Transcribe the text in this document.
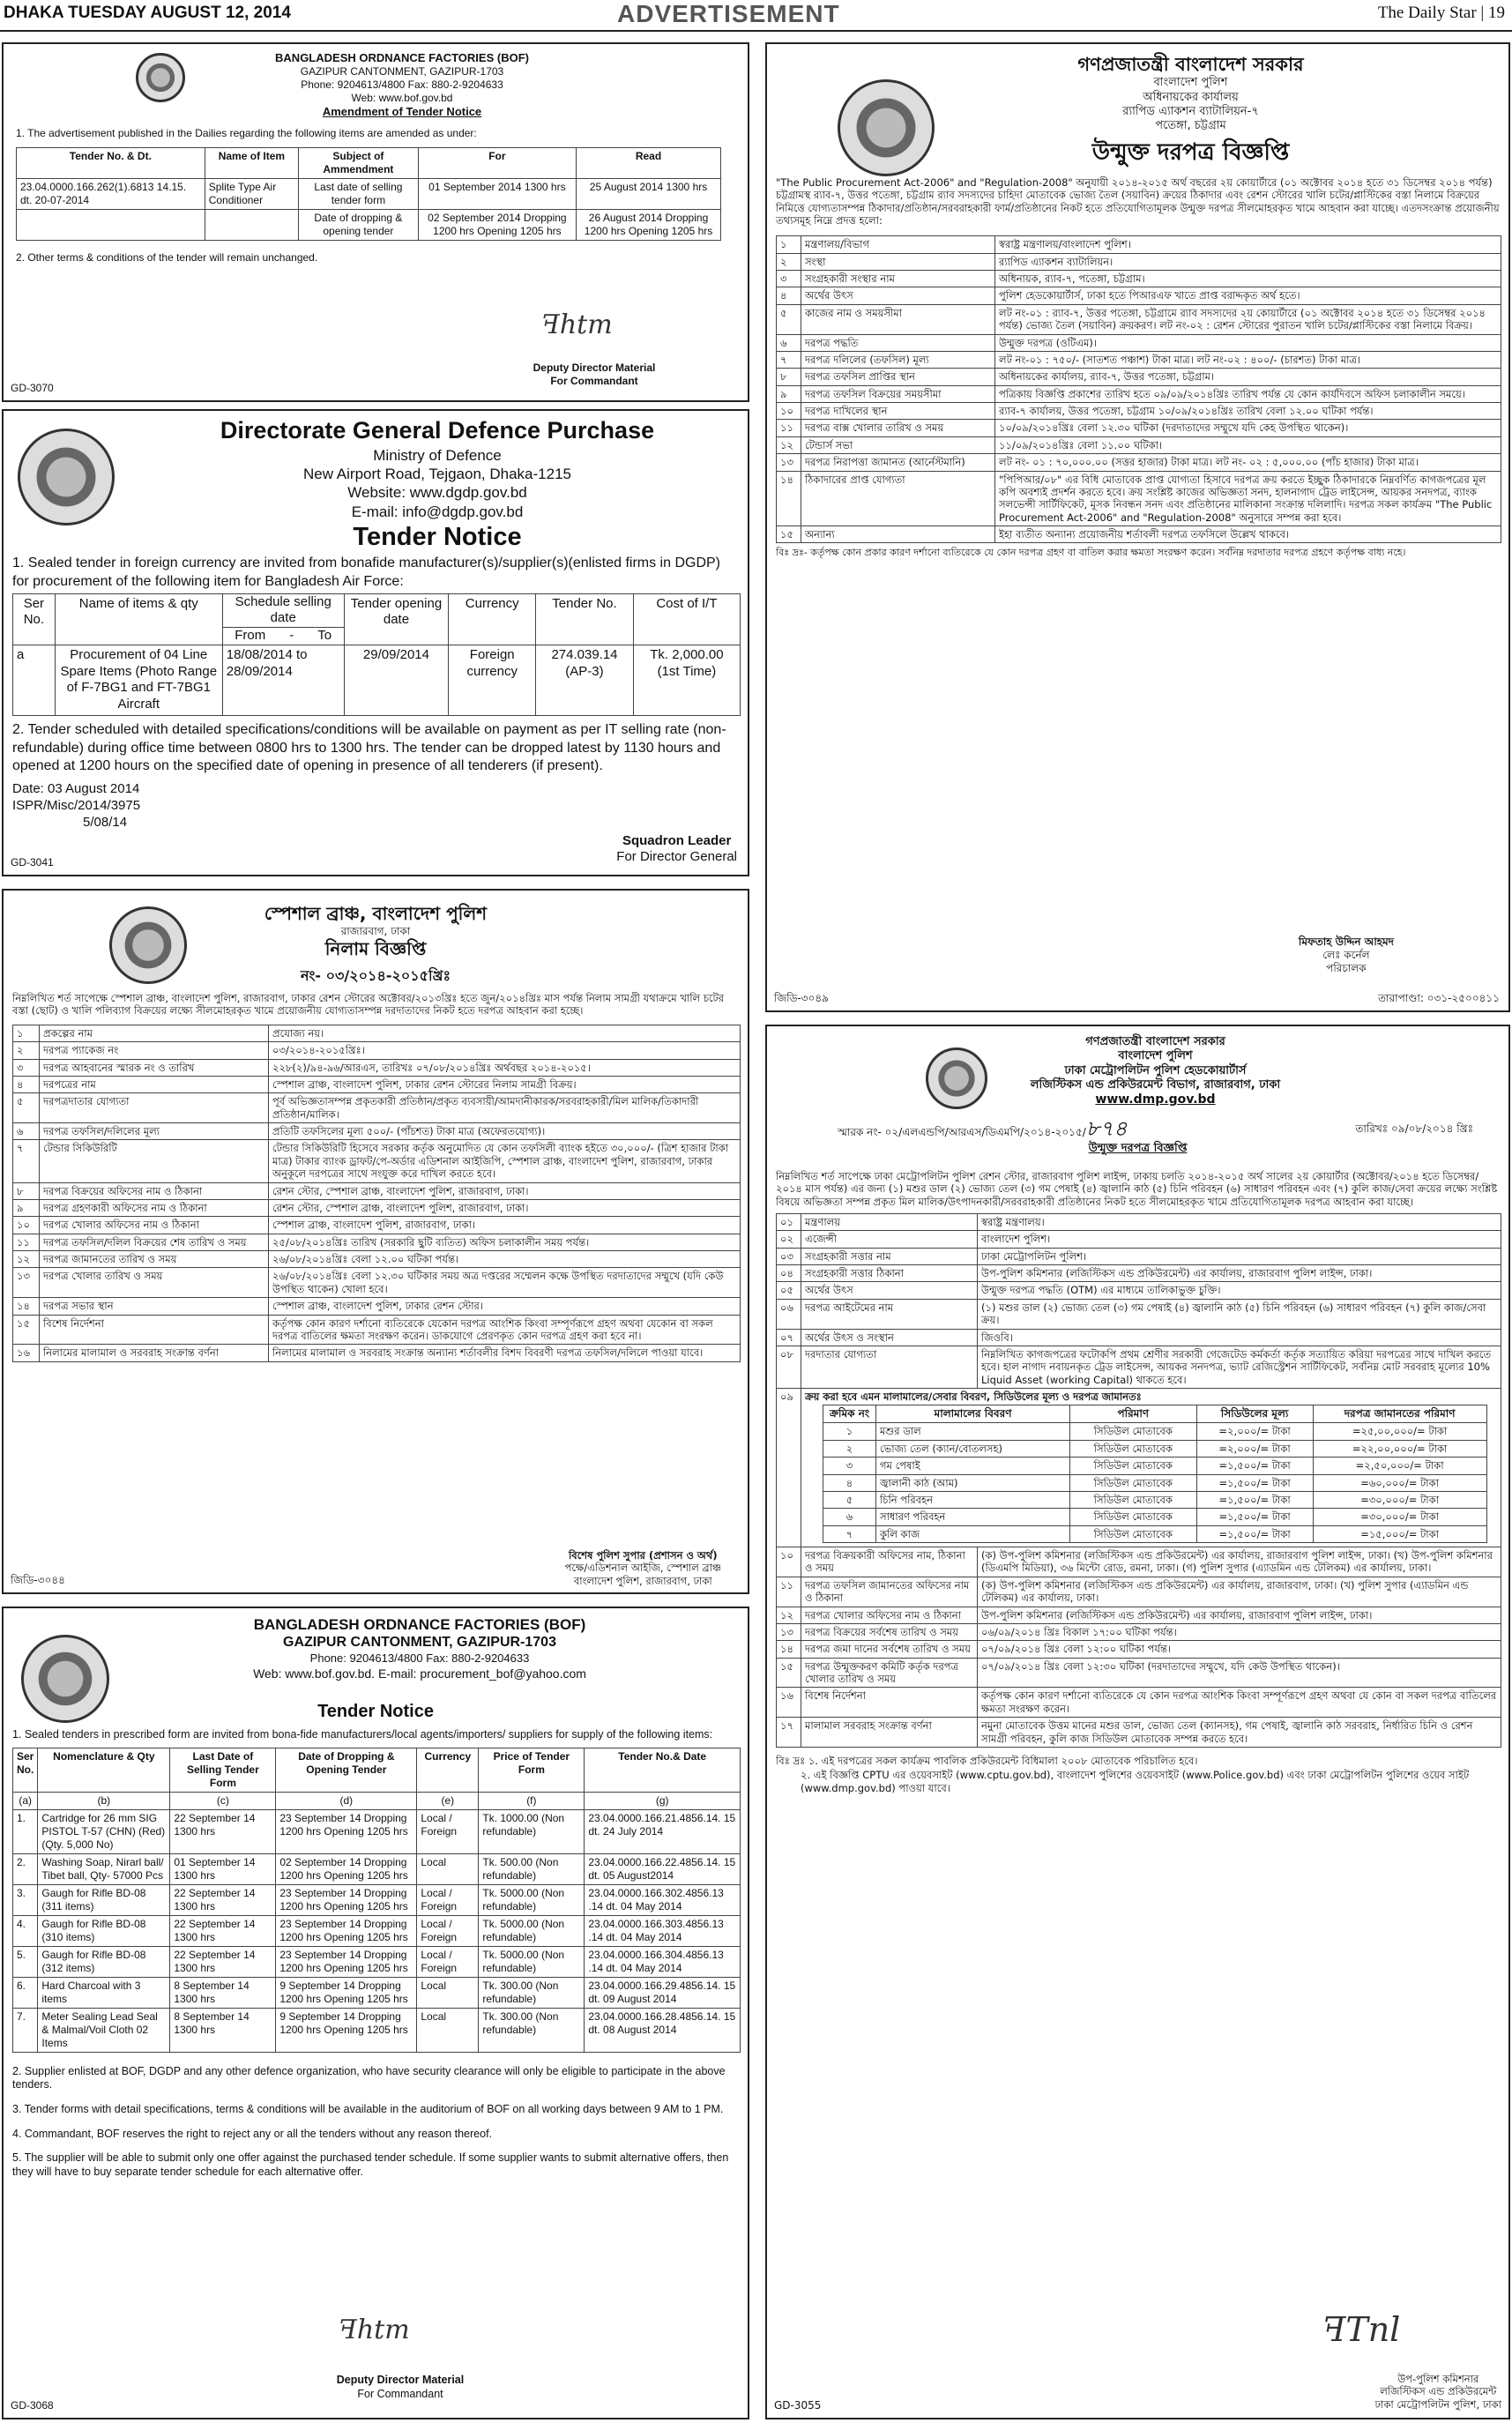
DHAKA TUESDAY AUGUST 12, 2014	ADVERTISEMENT	The Daily Star | 19
BANGLADESH ORDNANCE FACTORIES (BOF)
GAZIPUR CANTONMENT, GAZIPUR-1703
Phone: 9204613/4800 Fax: 880-2-9204633
Web: www.bof.gov.bd
Amendment of Tender Notice
1. The advertisement published in the Dailies regarding the following items are amended as under:
Tender No. & Dt.	Name of Item	Subject of Ammendment	For	Read
23.04.0000.166.262(1).6813 14.15. dt. 20-07-2014	Splite Type Air Conditioner	Last date of selling tender form	01 September 2014 1300 hrs	25 August 2014 1300 hrs
		Date of dropping & opening tender	02 September 2014 Dropping 1200 hrs Opening 1205 hrs	26 August 2014 Dropping 1200 hrs Opening 1205 hrs
2. Other terms & conditions of the tender will remain unchanged.
ꟻhtm
Deputy Director Material
For Commandant
GD-3070
Directorate General Defence Purchase
Ministry of Defence
New Airport Road, Tejgaon, Dhaka-1215
Website: www.dgdp.gov.bd
E-mail: info@dgdp.gov.bd
Tender Notice
1. Sealed tender in foreign currency are invited from bonafide manufacturer(s)/supplier(s)(enlisted firms in DGDP) for procurement of the following item for Bangladesh Air Force:
Ser No.	Name of items & qty	Schedule selling date
From - To	Tender opening date	Currency	Tender No.	Cost of I/T
a	Procurement of 04 Line Spare Items (Photo Range of F-7BG1 and FT-7BG1 Aircraft	18/08/2014 to 28/09/2014	29/09/2014	Foreign currency	274.039.14 (AP-3)	Tk. 2,000.00 (1st Time)
2. Tender scheduled with detailed specifications/conditions will be available on payment as per IT selling rate (non-refundable) during office time between 0800 hrs to 1300 hrs. The tender can be dropped latest by 1130 hours and opened at 1200 hours on the specified date of opening in presence of all tenderers (if present).
Date: 03 August 2014
ISPR/Misc/2014/3975
5/08/14
Squadron Leader
For Director General
GD-3041
স্পেশাল ব্রাঞ্চ, বাংলাদেশ পুলিশ
রাজারবাগ, ঢাকা
নিলাম বিজ্ঞপ্তি
নং- ০৩/২০১৪-২০১৫খ্রিঃ
নিম্নলিখিত শর্ত সাপেক্ষে স্পেশাল ব্রাঞ্চ, বাংলাদেশ পুলিশ, রাজারবাগ, ঢাকার রেশন স্টোরের অক্টোবর/২০১৩খ্রিঃ হতে জুন/২০১৪খ্রিঃ মাস পর্যন্ত নিলাম সামগ্রী যথাক্রমে খালি চটের বস্তা (ছোট) ও খালি পলিব্যাগ বিক্রয়ের লক্ষ্যে সীলমোহরকৃত খামে প্রয়োজনীয় যোগ্যতাসম্পন্ন দরদাতাদের নিকট হতে দরপত্র আহবান করা হচ্ছে।
১	প্রকল্পের নাম	প্রযোজ্য নয়।
২	দরপত্র প্যাকেজ নং	০৩/২০১৪-২০১৫খ্রিঃ।
৩	দরপত্র আহবানের স্মারক নং ও তারিখ	২২৮(২)/৯৪-৯৬/আরএস, তারিখঃ ০৭/০৮/২০১৪খ্রিঃ অর্থবছর ২০১৪-২০১৫।
৪	দরপত্রের নাম	স্পেশাল ব্রাঞ্চ, বাংলাদেশ পুলিশ, ঢাকার রেশন স্টোরের নিলাম সামগ্রী বিক্রয়।
৫	দরপত্রদাতার যোগ্যতা	পূর্ব অভিজ্ঞতাসম্পন্ন প্রকৃতকারী প্রতিষ্ঠান/প্রকৃত ব্যবসায়ী/আমদানীকারক/সরবরাহকারী/মিল মালিক/তিকাদারী প্রতিষ্ঠান/মালিক।
৬	দরপত্র তফসিল/দলিলের মূল্য	প্রতিটি তফসিলের মূল্য ৫০০/- (পাঁচশত) টাকা মাত্র (অফেরতযোগ্য)।
৭	টেন্ডার সিকিউরিটি	টেন্ডার সিকিউরিটি হিসেবে সরকার কর্তৃক অনুমোদিত যে কোন তফসিলী ব্যাংক হইতে ৩০,০০০/- (ত্রিশ হাজার টাকা মাত্র) টাকার ব্যাংক ড্রাফট/পে-অর্ডার এডিশনাল আইজিপি, স্পেশাল ব্রাঞ্চ, বাংলাদেশ পুলিশ, রাজারবাগ, ঢাকার অনুকূলে দরপত্রের সাথে সংযুক্ত করে দাখিল করতে হবে।
৮	দরপত্র বিক্রয়ের অফিসের নাম ও ঠিকানা	রেশন স্টোর, স্পেশাল ব্রাঞ্চ, বাংলাদেশ পুলিশ, রাজারবাগ, ঢাকা।
৯	দরপত্র গ্রহণকারী অফিসের নাম ও ঠিকানা	রেশন স্টোর, স্পেশাল ব্রাঞ্চ, বাংলাদেশ পুলিশ, রাজারবাগ, ঢাকা।
১০	দরপত্র খোলার অফিসের নাম ও ঠিকানা	স্পেশাল ব্রাঞ্চ, বাংলাদেশ পুলিশ, রাজারবাগ, ঢাকা।
১১	দরপত্র তফসিল/দলিল বিক্রয়ের শেষ তারিখ ও সময়	২৫/০৮/২০১৪খ্রিঃ তারিখ (সরকারি ছুটি ব্যতিত) অফিস চলাকালীন সময় পর্যন্ত।
১২	দরপত্র জামানতের তারিখ ও সময়	২৬/০৮/২০১৪খ্রিঃ বেলা ১২.০০ ঘটিকা পর্যন্ত।
১৩	দরপত্র খোলার তারিখ ও সময়	২৬/০৮/২০১৪খ্রিঃ বেলা ১২.৩০ ঘটিকার সময় অত্র দপ্তরের সম্মেলন কক্ষে উপস্থিত দরদাতাদের সম্মুখে (যদি কেউ উপস্থিত থাকেন) খোলা হবে।
১৪	দরপত্র সভার স্থান	স্পেশাল ব্রাঞ্চ, বাংলাদেশ পুলিশ, ঢাকার রেশন স্টোর।
১৫	বিশেষ নির্দেশনা	কর্তৃপক্ষ কোন কারণ দর্শানো ব্যতিরেকে যেকোন দরপত্র আংশিক কিংবা সম্পূর্ণরূপে গ্রহণ অথবা যেকোন বা সকল দরপত্র বাতিলের ক্ষমতা সংরক্ষণ করেন। ডাকযোগে প্রেরণকৃত কোন দরপত্র গ্রহণ করা হবে না।
১৬	নিলামের মালামাল ও সরবরাহ সংক্রান্ত বর্ণনা	নিলামের মালামাল ও সরবরাহ সংক্রান্ত অন্যান্য শর্তাবলীর বিশদ বিবরণী দরপত্র তফসিল/দলিলে পাওয়া যাবে।
বিশেষ পুলিশ সুপার (প্রশাসন ও অর্থ)
পক্ষে/এডিশনাল আইজি, স্পেশাল ব্রাঞ্চ
বাংলাদেশ পুলিশ, রাজারবাগ, ঢাকা
জিডি-৩০৪৪
BANGLADESH ORDNANCE FACTORIES (BOF)
GAZIPUR CANTONMENT, GAZIPUR-1703
Phone: 9204613/4800 Fax: 880-2-9204633
Web: www.bof.gov.bd. E-mail: procurement_bof@yahoo.com
Tender Notice
1. Sealed tenders in prescribed form are invited from bona-fide manufacturers/local agents/importers/ suppliers for supply of the following items:
Ser No.	Nomenclature & Qty	Last Date of Selling Tender Form	Date of Dropping & Opening Tender	Currency	Price of Tender Form	Tender No.& Date
(a)	(b)	(c)	(d)	(e)	(f)	(g)
1.	Cartridge for 26 mm SIG PISTOL T-57 (CHN) (Red) (Qty. 5,000 No)	22 September 14 1300 hrs	23 September 14 Dropping 1200 hrs Opening 1205 hrs	Local / Foreign	Tk. 1000.00 (Non refundable)	23.04.0000.166.21.4856.14. 15 dt. 24 July 2014
2.	Washing Soap, Nirarl ball/ Tibet ball, Qty- 57000 Pcs	01 September 14 1300 hrs	02 September 14 Dropping 1200 hrs Opening 1205 hrs	Local	Tk. 500.00 (Non refundable)	23.04.0000.166.22.4856.14. 15 dt. 05 August2014
3.	Gaugh for Rifle BD-08 (311 items)	22 September 14 1300 hrs	23 September 14 Dropping 1200 hrs Opening 1205 hrs	Local / Foreign	Tk. 5000.00 (Non refundable)	23.04.0000.166.302.4856.13 .14 dt. 04 May 2014
4.	Gaugh for Rifle BD-08 (310 items)	22 September 14 1300 hrs	23 September 14 Dropping 1200 hrs Opening 1205 hrs	Local / Foreign	Tk. 5000.00 (Non refundable)	23.04.0000.166.303.4856.13 .14 dt. 04 May 2014
5.	Gaugh for Rifle BD-08 (312 items)	22 September 14 1300 hrs	23 September 14 Dropping 1200 hrs Opening 1205 hrs	Local / Foreign	Tk. 5000.00 (Non refundable)	23.04.0000.166.304.4856.13 .14 dt. 04 May 2014
6.	Hard Charcoal with 3 items	8 September 14 1300 hrs	9 September 14 Dropping 1200 hrs Opening 1205 hrs	Local	Tk. 300.00 (Non refundable)	23.04.0000.166.29.4856.14. 15 dt. 09 August 2014
7.	Meter Sealing Lead Seal & Malmal/Voil Cloth 02 Items	8 September 14 1300 hrs	9 September 14 Dropping 1200 hrs Opening 1205 hrs	Local	Tk. 300.00 (Non refundable)	23.04.0000.166.28.4856.14. 15 dt. 08 August 2014
2. Supplier enlisted at BOF, DGDP and any other defence organization, who have security clearance will only be eligible to participate in the above tenders.
3. Tender forms with detail specifications, terms & conditions will be available in the auditorium of BOF on all working days between 9 AM to 1 PM.
4. Commandant, BOF reserves the right to reject any or all the tenders without any reason thereof.
5. The supplier will be able to submit only one offer against the purchased tender schedule. If some supplier wants to submit alternative offers, then they will have to buy separate tender schedule for each alternative offer.
ꟻhtm
Deputy Director Material
For Commandant
GD-3068
গণপ্রজাতন্ত্রী বাংলাদেশ সরকার
বাংলাদেশ পুলিশ
অধিনায়কের কার্যালয়
র‍্যাপিড এ্যাকশন ব্যাটালিয়ন-৭
পতেঙ্গা, চট্টগ্রাম
উন্মুক্ত দরপত্র বিজ্ঞপ্তি
"The Public Procurement Act-2006" and "Regulation-2008" অনুযায়ী ২০১৪-২০১৫ অর্থ বছরের ২য় কোয়ার্টারে (০১ অক্টোবর ২০১৪ হতে ৩১ ডিসেম্বর ২০১৪ পর্যন্ত) চট্টগ্রামস্থ র‍্যাব-৭, উত্তর পতেঙ্গা, চট্টগ্রাম র‍্যাব সদস্যদের চাহিদা মোতাবেক ভোজ্য তৈল (সয়াবিন) ক্রয়ের ঠিকাদার এবং রেশন স্টোরের খালি চটের/প্লাস্টিকের বস্তা নিলামে বিক্রয়ের নিমিত্তে যোগ্যতাসম্পন্ন ঠিকাদার/প্রতিষ্ঠান/সরবরাহকারী ফার্ম/প্রতিষ্ঠানের নিকট হতে প্রতিযোগিতামূলক উন্মুক্ত দরপত্র সীলমোহরকৃত খামে আহবান করা যাচ্ছে। এতদসংক্রান্ত প্রয়োজনীয় তথ্যসমূহ নিম্নে প্রদত্ত হলো:
১	মন্ত্রণালয়/বিভাগ	স্বরাষ্ট্র মন্ত্রণালয়/বাংলাদেশ পুলিশ।
২	সংস্থা	র‍্যাপিড এ্যাকশন ব্যাটালিয়ন।
৩	সংগ্রহকারী সংস্থার নাম	অধিনায়ক, র‍্যাব-৭, পতেঙ্গা, চট্টগ্রাম।
৪	অর্থের উৎস	পুলিশ হেডকোয়ার্টার্স, ঢাকা হতে পিআরএফ খাতে প্রাপ্ত বরাদ্দকৃত অর্থ হতে।
৫	কাজের নাম ও সময়সীমা	লট নং-০১ : র‍্যাব-৭, উত্তর পতেঙ্গা, চট্টগ্রামে র‍্যাব সদস্যদের ২য় কোয়ার্টারে (০১ অক্টোবর ২০১৪ হতে ৩১ ডিসেম্বর ২০১৪ পর্যন্ত) ভোজ্য তৈল (সয়াবিন) ক্রয়করণ। লট নং-০২ : রেশন স্টোরের পুরাতন খালি চটের/প্লাস্টিকের বস্তা নিলামে বিক্রয়।
৬	দরপত্র পদ্ধতি	উন্মুক্ত দরপত্র (ওটিএম)।
৭	দরপত্র দলিলের (তফসিল) মূল্য	লট নং-০১ : ৭৫০/- (সাতশত পঞ্চাশ) টাকা মাত্র। লট নং-০২ : ৪০০/- (চারশত) টাকা মাত্র।
৮	দরপত্র তফসিল প্রাপ্তির স্থান	অধিনায়কের কার্যালয়, র‍্যাব-৭, উত্তর পতেঙ্গা, চট্টগ্রাম।
৯	দরপত্র তফসিল বিক্রয়ের সময়সীমা	পত্রিকায় বিজ্ঞপ্তি প্রকাশের তারিখ হতে ০৯/০৯/২০১৪খ্রিঃ তারিখ পর্যন্ত যে কোন কার্যদিবসে অফিস চলাকালীন সময়ে।
১০	দরপত্র দাখিলের স্থান	র‍্যাব-৭ কার্যালয়, উত্তর পতেঙ্গা, চট্টগ্রাম ১০/০৯/২০১৪খ্রিঃ তারিখ বেলা ১২.০০ ঘটিকা পর্যন্ত।
১১	দরপত্র বাক্স খোলার তারিখ ও সময়	১০/০৯/২০১৪খ্রিঃ বেলা ১২.৩০ ঘটিকা (দরদাতাদের সম্মুখে যদি কেহ উপস্থিত থাকেন)।
১২	টেন্ডার্স সভা	১১/০৯/২০১৪খ্রিঃ বেলা ১১.০০ ঘটিকা।
১৩	দরপত্র নিরাপত্তা জামানত (আর্নেস্টমানি)	লট নং- ০১ : ৭০,০০০.০০ (সত্তর হাজার) টাকা মাত্র। লট নং- ০২ : ৫,০০০.০০ (পাঁচ হাজার) টাকা মাত্র।
১৪	ঠিকাদারের প্রাপ্ত যোগ্যতা	"পিপিআর/০৮" এর বিধি মোতাবেক প্রাপ্ত যোগ্যতা হিসাবে দরপত্র ক্রয় করতে ইচ্ছুক ঠিকাদারকে নিম্নবর্ণিত কাগজপত্রের মূল কপি অবশ্যই প্রদর্শন করতে হবে। ক্রয় সংশ্লিষ্ট কাজের অভিজ্ঞতা সনদ, হালনাগাদ ট্রেড লাইসেন্স, আয়কর সনদপত্র, ব্যাংক সলভেন্সী সার্টিফিকেট, মূসক নিবন্ধন সনদ এবং প্রতিষ্ঠানের মালিকানা সংক্রান্ত দলিলাদি। দরপত্র সকল কার্যক্রম "The Public Procurement Act-2006" and "Regulation-2008" অনুসারে সম্পন্ন করা হবে।
১৫	অন্যান্য	ইহা ব্যতীত অন্যান্য প্রয়োজনীয় শর্তাবলী দরপত্র তফসিলে উল্লেখ থাকবে।
বিঃ দ্রঃ- কর্তৃপক্ষ কোন প্রকার কারণ দর্শানো ব্যতিরেকে যে কোন দরপত্র গ্রহণ বা বাতিল করার ক্ষমতা সংরক্ষণ করেন। সর্বনিম্ন দরদাতার দরপত্র গ্রহণে কর্তৃপক্ষ বাধ্য নহে।
মিফতাহ উদ্দিন আহমদ
লেঃ কর্নেল
পরিচালক
জিডি-৩০৪৯	তারাপাণ্ডা: ০৩১-২৫০০৪১১
গণপ্রজাতন্ত্রী বাংলাদেশ সরকার
বাংলাদেশ পুলিশ
ঢাকা মেট্রোপলিটন পুলিশ হেডকোয়ার্টার্স
লজিস্টিকস এন্ড প্রকিউরমেন্ট বিভাগ, রাজারবাগ, ঢাকা
www.dmp.gov.bd
স্মারক নং- ০২/এলএন্ডপি/আরএস/ডিএমপি/২০১৪-২০১৫/৮৭৪	তারিখঃ ০৯/০৮/২০১৪ খ্রিঃ
উন্মুক্ত দরপত্র বিজ্ঞপ্তি
নিম্নলিখিত শর্ত সাপেক্ষে ঢাকা মেট্রোপলিটন পুলিশ রেশন স্টোর, রাজারবাগ পুলিশ লাইন্স, ঢাকায় চলতি ২০১৪-২০১৫ অর্থ সালের ২য় কোয়ার্টার (অক্টোবর/২০১৪ হতে ডিসেম্বর/২০১৪ মাস পর্যন্ত) এর জন্য (১) মশুর ডাল (২) ভোজ্য তেল (৩) গম পেষাই (৪) জ্বালানি কাঠ (৫) চিনি পরিবহন (৬) সাধারণ পরিবহন এবং (৭) কুলি কাজ/সেবা ক্রয়ের লক্ষ্যে সংশ্লিষ্ট বিষয়ে অভিজ্ঞতা সম্পন্ন প্রকৃত মিল মালিক/উৎপাদনকারী/সরবরাহকারী প্রতিষ্ঠানের নিকট হতে সীলমোহরকৃত খামে প্রতিযোগিতামূলক দরপত্র আহবান করা যাচ্ছে।
০১	মন্ত্রণালয়	স্বরাষ্ট্র মন্ত্রণালয়।
০২	এজেন্সী	বাংলাদেশ পুলিশ।
০৩	সংগ্রহকারী সত্তার নাম	ঢাকা মেট্রোপলিটন পুলিশ।
০৪	সংগ্রহকারী সত্তার ঠিকানা	উপ-পুলিশ কমিশনার (লজিস্টিকস এন্ড প্রকিউরমেন্ট) এর কার্যালয়, রাজারবাগ পুলিশ লাইন্স, ঢাকা।
০৫	অর্থের উৎস	উন্মুক্ত দরপত্র পদ্ধতি (OTM) এর মাধ্যমে তালিকাভুক্ত চুক্তি।
০৬	দরপত্র আইটেমের নাম	(১) মশুর ডাল (২) ভোজ্য তেল (৩) গম পেষাই (৪) জ্বালানি কাঠ (৫) চিনি পরিবহন (৬) সাধারণ পরিবহন (৭) কুলি কাজ/সেবা ক্রয়।
০৭	অর্থের উৎস ও সংস্থান	জিওবি।
০৮	দরদাতার যোগ্যতা	নিম্নলিখিত কাগজপত্রের ফটোকপি প্রথম শ্রেণীর সরকারী গেজেটেড কর্মকর্তা কর্তৃক সত্যায়িত করিয়া দরপত্রের সাথে দাখিল করতে হবে। হাল নাগাদ নবায়নকৃত ট্রেড লাইসেন্স, আয়কর সনদপত্র, ভ্যাট রেজিস্ট্রেশন সার্টিফিকেট, সর্বনিম্ন মোট সরবরাহ মূল্যের 10% Liquid Asset (working Capital) থাকতে হবে।
০৯	ক্রয় করা হবে এমন মালামালের/সেবার বিবরণ, সিডিউলের মূল্য ও দরপত্র জামানতঃ
ক্রমিক নং	মালামালের বিবরণ	পরিমাণ	সিডিউলের মূল্য	দরপত্র জামানতের পরিমাণ
১	মশুর ডাল	সিডিউল মোতাবেক	=২,০০০/= টাকা	=২৫,০০,০০০/= টাকা
২	ভোজ্য তেল (ক্যান/বোতলসহ)	সিডিউল মোতাবেক	=২,০০০/= টাকা	=২২,০০,০০০/= টাকা
৩	গম পেষাই	সিডিউল মোতাবেক	=১,৫০০/= টাকা	=২,৫০,০০০/= টাকা
৪	জ্বালানী কাঠ (আম)	সিডিউল মোতাবেক	=১,৫০০/= টাকা	=৬০,০০০/= টাকা
৫	চিনি পরিবহন	সিডিউল মোতাবেক	=১,৫০০/= টাকা	=৩০,০০০/= টাকা
৬	সাধারণ পরিবহন	সিডিউল মোতাবেক	=১,৫০০/= টাকা	=৩০,০০০/= টাকা
৭	কুলি কাজ	সিডিউল মোতাবেক	=১,৫০০/= টাকা	=১৫,০০০/= টাকা

১০	দরপত্র বিক্রয়কারী অফিসের নাম, ঠিকানা ও সময়	(ক) উপ-পুলিশ কমিশনার (লজিস্টিকস এন্ড প্রকিউরমেন্ট) এর কার্যালয়, রাজারবাগ পুলিশ লাইন্স, ঢাকা। (খ) উপ-পুলিশ কমিশনার (ডিএমপি মিডিয়া), ৩৬ মিন্টো রোড, রমনা, ঢাকা। (গ) পুলিশ সুপার (এ্যাডমিন এন্ড টেলিকম) এর কার্যালয়, ঢাকা।
১১	দরপত্র তফসিল জামানতের অফিসের নাম ও ঠিকানা	(ক) উপ-পুলিশ কমিশনার (লজিস্টিকস এন্ড প্রকিউরমেন্ট) এর কার্যালয়, রাজারবাগ, ঢাকা। (খ) পুলিশ সুপার (এ্যাডমিন এন্ড টেলিকম) এর কার্যালয়, ঢাকা।
১২	দরপত্র খোলার অফিসের নাম ও ঠিকানা	উপ-পুলিশ কমিশনার (লজিস্টিকস এন্ড প্রকিউরমেন্ট) এর কার্যালয়, রাজারবাগ পুলিশ লাইন্স, ঢাকা।
১৩	দরপত্র বিক্রয়ের সর্বশেষ তারিখ ও সময়	০৬/০৯/২০১৪ খ্রিঃ বিকাল ১৭:০০ ঘটিকা পর্যন্ত।
১৪	দরপত্র জমা দানের সর্বশেষ তারিখ ও সময়	০৭/০৯/২০১৪ খ্রিঃ বেলা ১২:০০ ঘটিকা পর্যন্ত।
১৫	দরপত্র উন্মুক্তকরণ কমিটি কর্তৃক দরপত্র খোলার তারিখ ও সময়	০৭/০৯/২০১৪ খ্রিঃ বেলা ১২:৩০ ঘটিকা (দরদাতাদের সম্মুখে, যদি কেউ উপস্থিত থাকেন)।
১৬	বিশেষ নির্দেশনা	কর্তৃপক্ষ কোন কারণ দর্শানো ব্যতিরেকে যে কোন দরপত্র আংশিক কিংবা সম্পূর্ণরূপে গ্রহণ অথবা যে কোন বা সকল দরপত্র বাতিলের ক্ষমতা সংরক্ষণ করেন।
১৭	মালামাল সরবরাহ সংক্রান্ত বর্ণনা	নমুনা মোতাবেক উত্তম মানের মশুর ডাল, ভোজ্য তেল (ক্যানসহ), গম পেষাই, জ্বালানি কাঠ সরবরাহ, নির্ধারিত চিনি ও রেশন সামগ্রী পরিবহন, কুলি কাজ সিডিউল মোতাবেক সম্পন্ন করতে হবে।
বিঃ দ্রঃ ১. এই দরপত্রের সকল কার্যক্রম পাবলিক প্রকিউরমেন্ট বিধিমালা ২০০৮ মোতাবেক পরিচালিত হবে।
২. এই বিজ্ঞপ্তি CPTU এর ওয়েবসাইট (www.cptu.gov.bd), বাংলাদেশ পুলিশের ওয়েবসাইট (www.Police.gov.bd) এবং ঢাকা মেট্রোপলিটন পুলিশের ওয়েব সাইট (www.dmp.gov.bd) পাওয়া যাবে।
ꟻTnl
উপ-পুলিশ কমিশনার
লজিস্টিকস এন্ড প্রকিউরমেন্ট
ঢাকা মেট্রোপলিটন পুলিশ, ঢাকা
GD-3055
